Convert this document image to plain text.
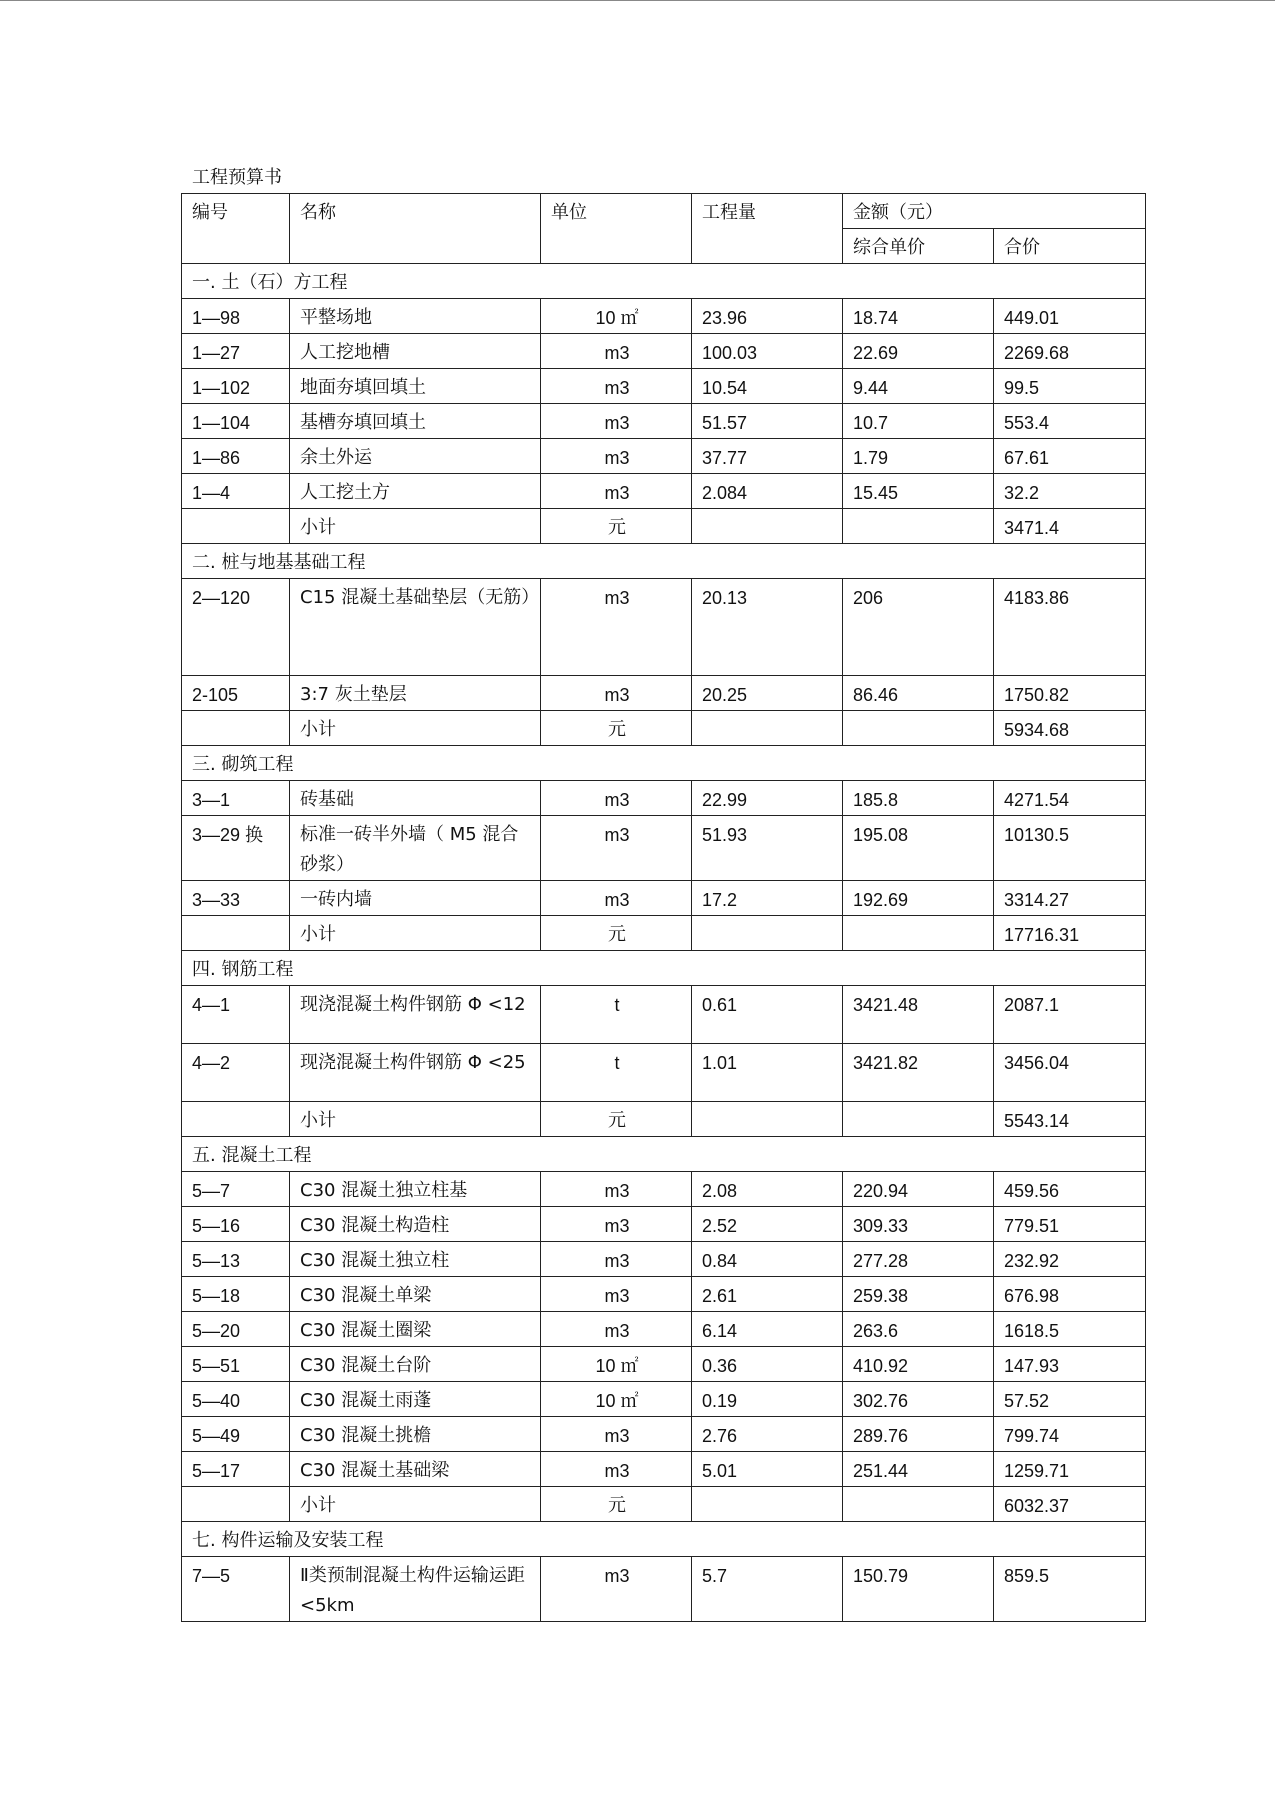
工程预算书
编号	名称	单位	工程量	金额（元）	
				综合单价	合价
一. 土（石）方工程					
1—98	平整场地	10 ㎡	23.96	18.74	449.01
1—27	人工挖地槽	m3	100.03	22.69	2269.68
1—102	地面夯填回填土	m3	10.54	9.44	99.5
1—104	基槽夯填回填土	m3	51.57	10.7	553.4
1—86	余土外运	m3	37.77	1.79	67.61
1—4	人工挖土方	m3	2.084	15.45	32.2
	小计	元			3471.4
二. 桩与地基基础工程					
2—120	C15 混凝土基础垫层（无筋）	m3	20.13	206	4183.86
2-105	3:7 灰土垫层	m3	20.25	86.46	1750.82
	小计	元			5934.68
三. 砌筑工程					
3—1	砖基础	m3	22.99	185.8	4271.54
3—29 换	标准一砖半外墙（ M5 混合砂浆）	m3	51.93	195.08	10130.5
3—33	一砖内墙	m3	17.2	192.69	3314.27
	小计	元			17716.31
四. 钢筋工程					
4—1	现浇混凝土构件钢筋 Φ <12	t	0.61	3421.48	2087.1
4—2	现浇混凝土构件钢筋 Φ <25	t	1.01	3421.82	3456.04
	小计	元			5543.14
五. 混凝土工程					
5—7	C30 混凝土独立柱基	m3	2.08	220.94	459.56
5—16	C30 混凝土构造柱	m3	2.52	309.33	779.51
5—13	C30 混凝土独立柱	m3	0.84	277.28	232.92
5—18	C30 混凝土单梁	m3	2.61	259.38	676.98
5—20	C30 混凝土圈梁	m3	6.14	263.6	1618.5
5—51	C30 混凝土台阶	10 ㎡	0.36	410.92	147.93
5—40	C30 混凝土雨蓬	10 ㎡	0.19	302.76	57.52
5—49	C30 混凝土挑檐	m3	2.76	289.76	799.74
5—17	C30 混凝土基础梁	m3	5.01	251.44	1259.71
	小计	元			6032.37
七. 构件运输及安装工程					
7—5	Ⅱ类预制混凝土构件运输运距 <5km	m3	5.7	150.79	859.5
